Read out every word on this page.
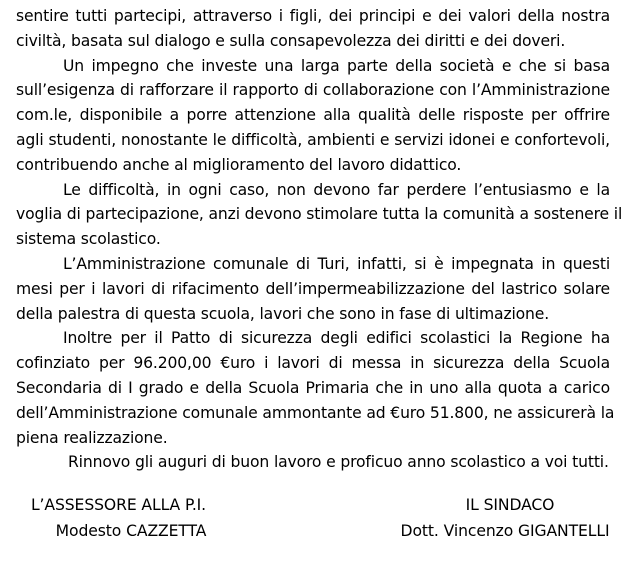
sentire tutti partecipi, attraverso i figli, dei principi e dei valori della nostra
civiltà, basata sul dialogo e sulla consapevolezza dei diritti e dei doveri.
Un impegno che investe una larga parte della società e che si basa
sull’esigenza di rafforzare il rapporto di collaborazione con l’Amministrazione
com.le, disponibile a porre attenzione alla qualità delle risposte per offrire
agli studenti, nonostante le difficoltà, ambienti e servizi idonei e confortevoli,
contribuendo anche al miglioramento del lavoro didattico.
Le difficoltà, in ogni caso, non devono far perdere l’entusiasmo e la
voglia di partecipazione, anzi devono stimolare tutta la comunità a sostenere il
sistema scolastico.
L’Amministrazione comunale di Turi, infatti, si è impegnata in questi
mesi per i lavori di rifacimento dell’impermeabilizzazione del lastrico solare
della palestra di questa scuola, lavori che sono in fase di ultimazione.
Inoltre per il Patto di sicurezza degli edifici scolastici la Regione ha
cofinziato per 96.200,00 €uro i lavori di messa in sicurezza della Scuola
Secondaria di I grado e della Scuola Primaria che in uno alla quota a carico
dell’Amministrazione comunale ammontante ad €uro 51.800, ne assicurerà la
piena realizzazione.
Rinnovo gli auguri di buon lavoro e proficuo anno scolastico a voi tutti.
L’ASSESSORE ALLA P.I.
Modesto CAZZETTA
IL SINDACO
Dott. Vincenzo GIGANTELLI
